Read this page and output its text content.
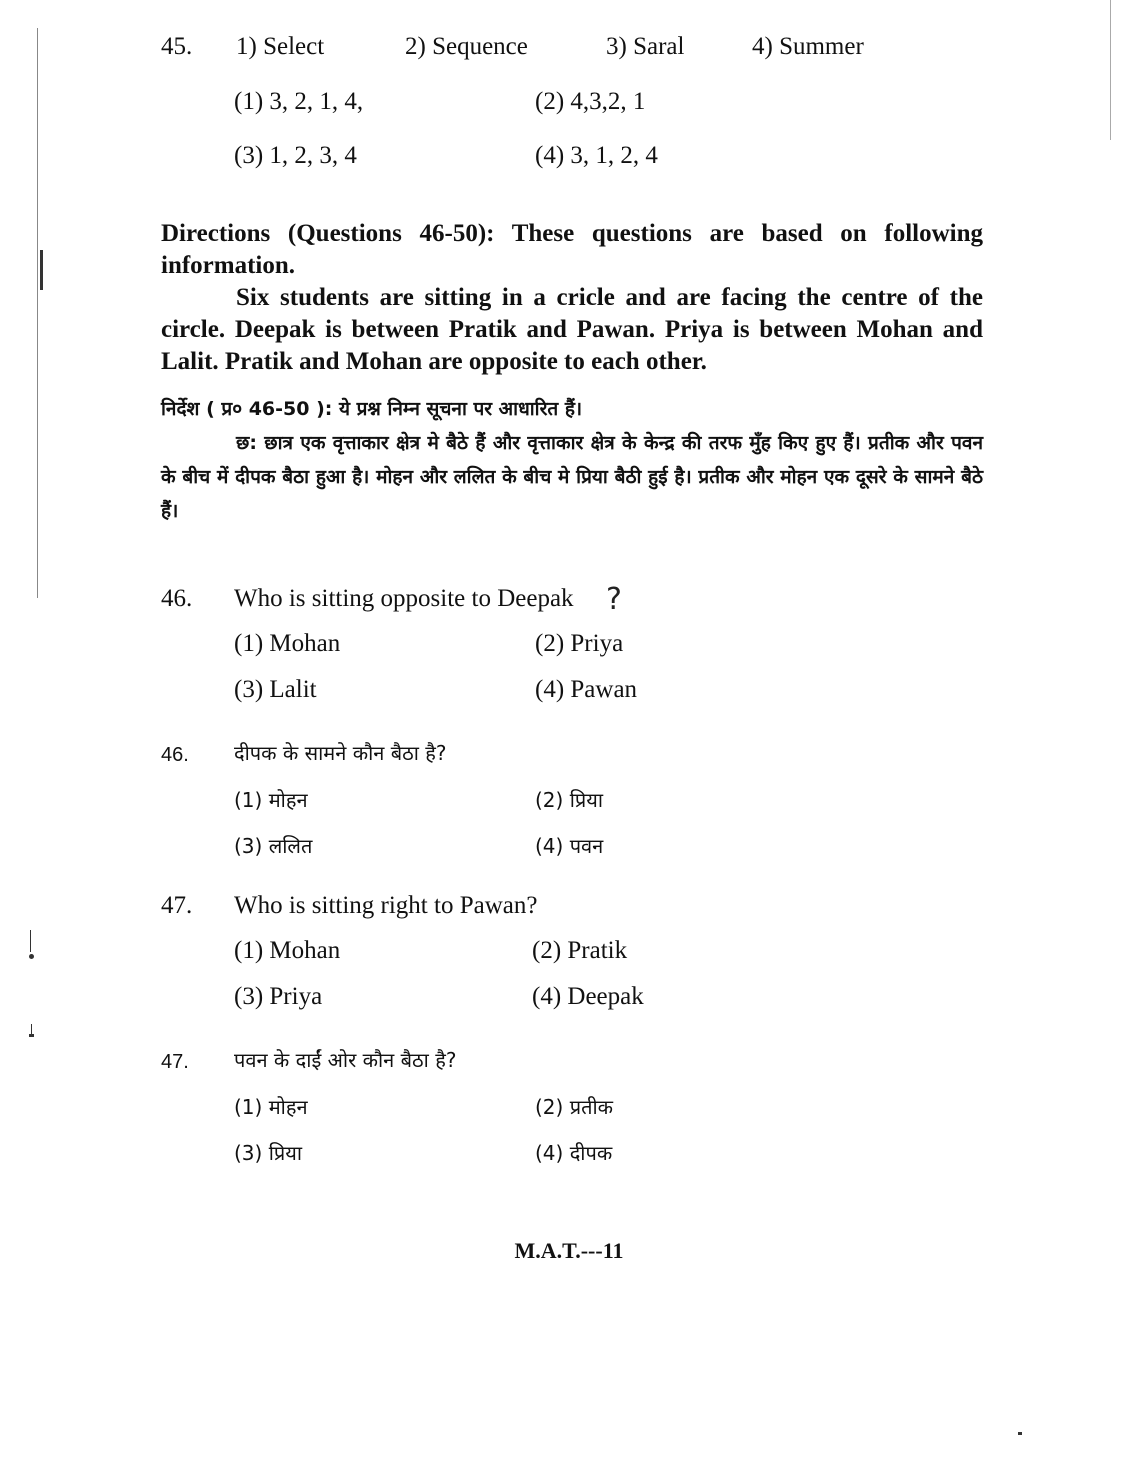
45. 1) Select	2) Sequence	3) Saral	4) Summer
(1) 3, 2, 1, 4,	(2) 4,3,2, 1
(3) 1, 2, 3, 4	(4) 3, 1, 2, 4

Directions (Questions 46-50): These questions are based on following information.

Six students are sitting in a cricle and are facing the centre of the circle. Deepak is between Pratik and Pawan. Priya is between Mohan and Lalit. Pratik and Mohan are opposite to each other.

निर्देश ( प्र० 46-50 ): ये प्रश्न निम्न सूचना पर आधारित हैं।

छ: छात्र एक वृत्ताकार क्षेत्र मे बैठे हैं और वृत्ताकार क्षेत्र के केन्द्र की तरफ मुँह किए हुए हैं। प्रतीक और पवन के बीच में दीपक बैठा हुआ है। मोहन और ललित के बीच मे प्रिया बैठी हुई है। प्रतीक और मोहन एक दूसरे के सामने बैठे हैं।

46. Who is sitting opposite to Deepak ?
(1) Mohan	(2) Priya
(3) Lalit	(4) Pawan
46. दीपक के सामने कौन बैठा है?
(1) मोहन	(2) प्रिया
(3) ललित	(4) पवन
47. Who is sitting right to Pawan?
(1) Mohan	(2) Pratik
(3) Priya	(4) Deepak
47. पवन के दाईं ओर कौन बैठा है?
(1) मोहन	(2) प्रतीक
(3) प्रिया	(4) दीपक
M.A.T.---11
